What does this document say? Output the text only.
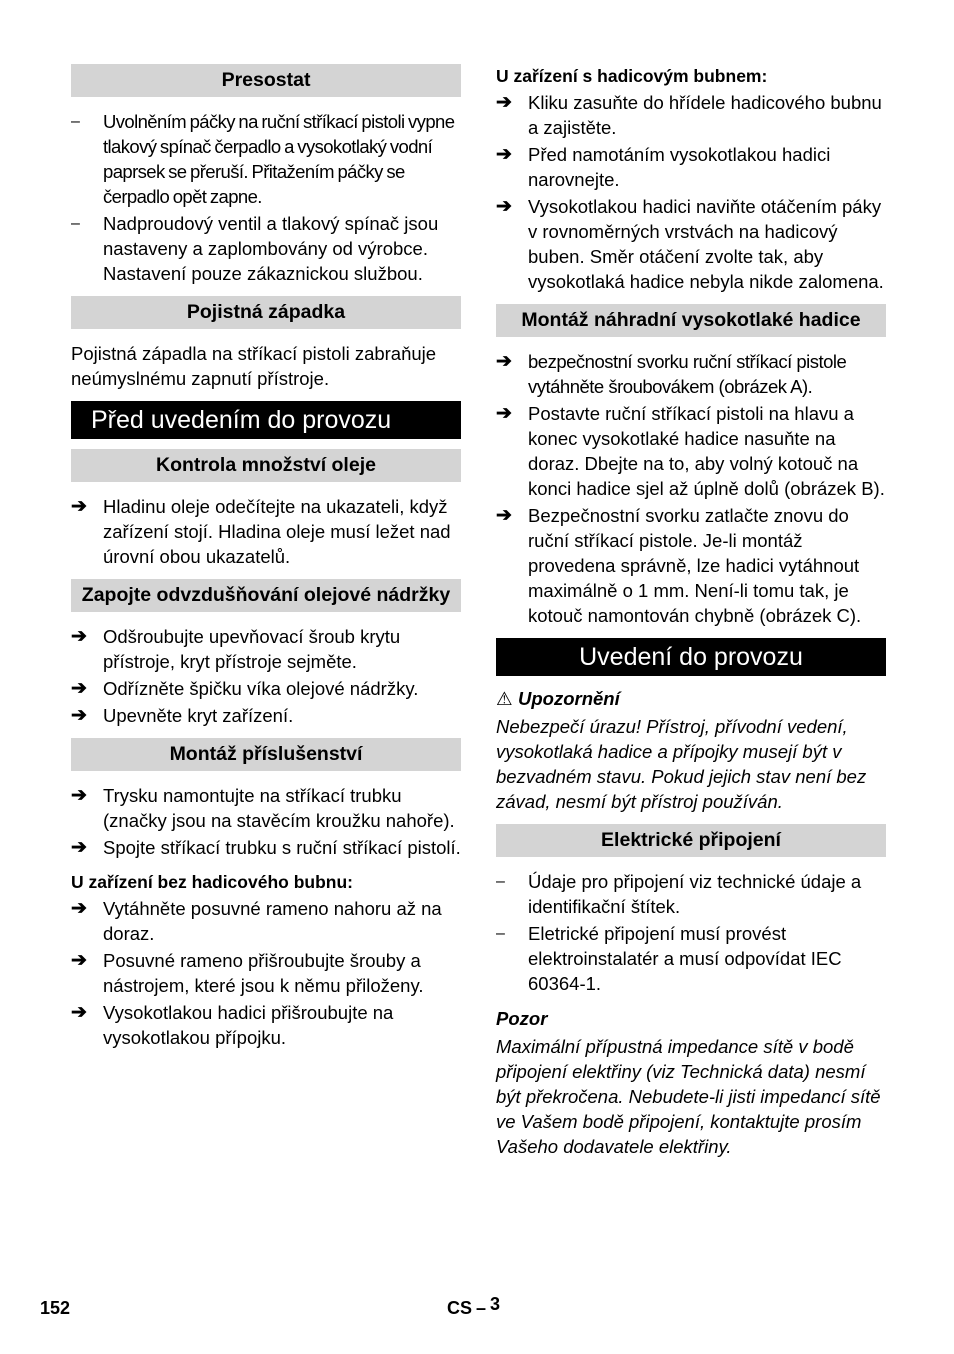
Presostat
–	Uvolněním páčky na ruční stříkací pistoli vypne tlakový spínač čerpadlo a vysokotlaký vodní paprsek se přeruší. Přitažením páčky se čerpadlo opět zapne.
–	Nadproudový ventil a tlakový spínač jsou nastaveny a zaplombovány od výrobce. Nastavení pouze zákaznickou službou.
Pojistná západka

Pojistná západla na stříkací pistoli zabraňuje neúmyslnému zapnutí přístroje.

Před uvedením do provozu
Kontrola množství oleje
➔ Hladinu oleje odečítejte na ukazateli, když zařízení stojí. Hladina oleje musí ležet nad úrovní obou ukazatelů.
Zapojte odvzdušňování olejové nádržky
➔ Odšroubujte upevňovací šroub krytu přístroje, kryt přístroje sejměte.
➔ Odřízněte špičku víka olejové nádržky.
➔ Upevněte kryt zařízení.
Montáž příslušenství
➔ Trysku namontujte na stříkací trubku (značky jsou na stavěcím kroužku nahoře).
➔ Spojte stříkací trubku s ruční stříkací pistolí.
U zařízení bez hadicového bubnu:
➔ Vytáhněte posuvné rameno nahoru až na doraz.
➔ Posuvné rameno přišroubujte šrouby a nástrojem, které jsou k němu přiloženy.
➔ Vysokotlakou hadici přišroubujte na vysokotlakou přípojku.
U zařízení s hadicovým bubnem:
➔ Kliku zasuňte do hřídele hadicového bubnu a zajistěte.
➔ Před namotáním vysokotlakou hadici narovnejte.
➔ Vysokotlakou hadici naviňte otáčením páky v rovnoměrných vrstvách na hadicový buben. Směr otáčení zvolte tak, aby vysokotlaká hadice nebyla nikde zalomena.
Montáž náhradní vysokotlaké hadice
➔ bezpečnostní svorku ruční stříkací pistole vytáhněte šroubovákem (obrázek A).
➔ Postavte ruční stříkací pistoli na hlavu a konec vysokotlaké hadice nasuňte na doraz. Dbejte na to, aby volný kotouč na konci hadice sjel až úplně dolů (obrázek B).
➔ Bezpečnostní svorku zatlačte znovu do ruční stříkací pistole. Je-li montáž provedena správně, lze hadici vytáhnout maximálně o 1 mm. Není-li tomu tak, je kotouč namontován chybně (obrázek C).
Uvedení do provozu
⚠ Upozornění

Nebezpečí úrazu! Přístroj, přívodní vedení, vysokotlaká hadice a přípojky musejí být v bezvadném stavu. Pokud jejich stav není bez závad, nesmí být přístroj používán.

Elektrické připojení
–	Údaje pro připojení viz technické údaje a identifikační štítek.
–	Eletrické připojení musí provést elektroinstalatér a musí odpovídat IEC 60364-1.
Pozor

Maximální přípustná impedance sítě v bodě připojení elektřiny (viz Technická data) nesmí být překročena. Nebudete-li jisti impedancí sítě ve Vašem bodě připojení, kontaktujte prosím Vašeho dodavatele elektřiny.

152	CS – 3
